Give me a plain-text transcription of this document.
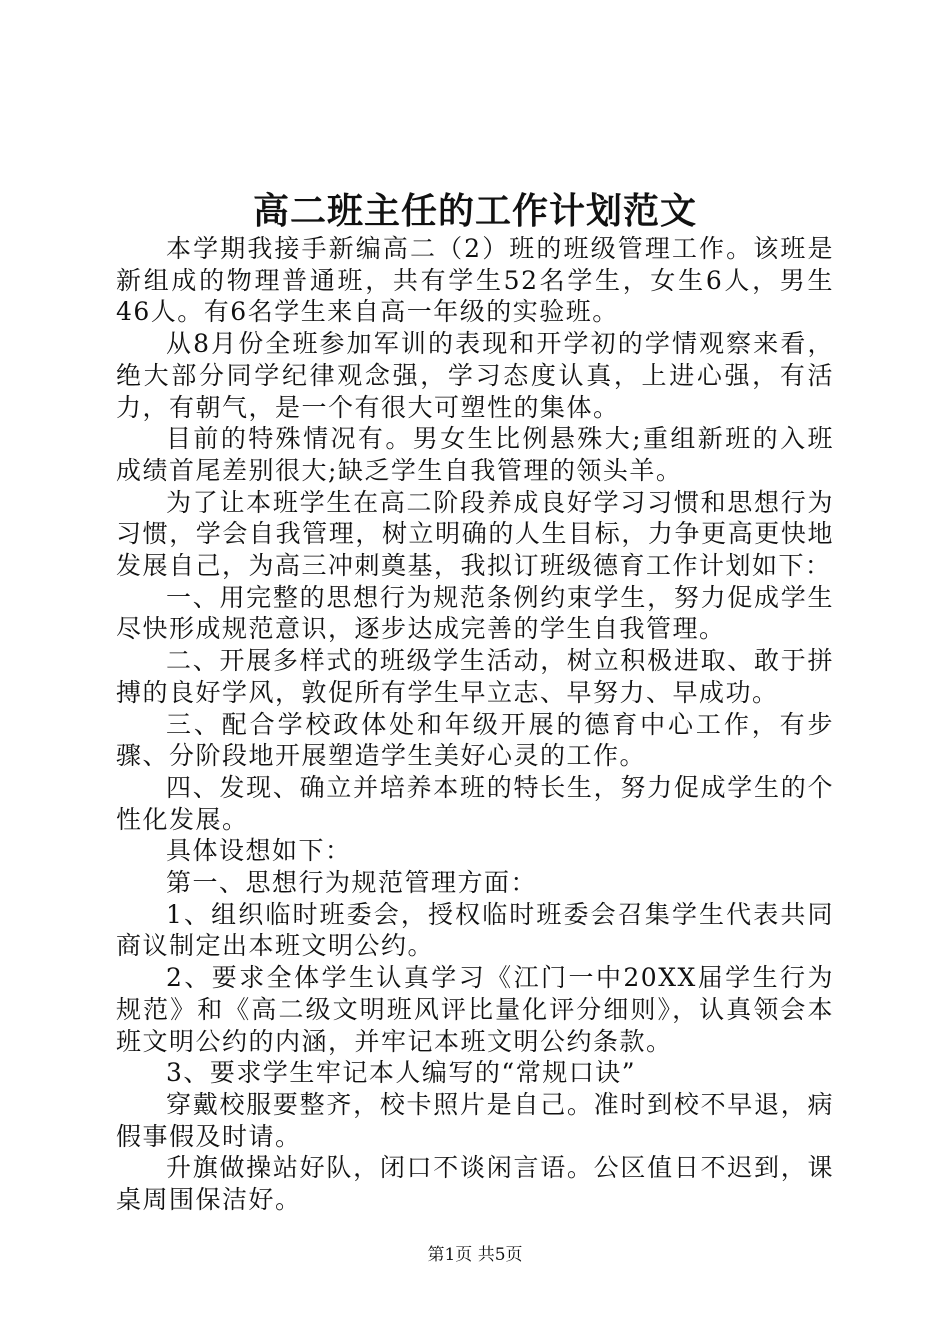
高二班主任的工作计划范文

本学期我接手新编高二（2）班的班级管理工作。该班是新组成的物理普通班，共有学生52名学生，女生6人，男生46人。有6名学生来自高一年级的实验班。

从8月份全班参加军训的表现和开学初的学情观察来看，绝大部分同学纪律观念强，学习态度认真，上进心强，有活力，有朝气，是一个有很大可塑性的集体。

目前的特殊情况有。男女生比例悬殊大;重组新班的入班成绩首尾差别很大;缺乏学生自我管理的领头羊。

为了让本班学生在高二阶段养成良好学习习惯和思想行为习惯，学会自我管理，树立明确的人生目标，力争更高更快地发展自己，为高三冲刺奠基，我拟订班级德育工作计划如下：

一、用完整的思想行为规范条例约束学生，努力促成学生尽快形成规范意识，逐步达成完善的学生自我管理。

二、开展多样式的班级学生活动，树立积极进取、敢于拼搏的良好学风，敦促所有学生早立志、早努力、早成功。

三、配合学校政体处和年级开展的德育中心工作，有步骤、分阶段地开展塑造学生美好心灵的工作。

四、发现、确立并培养本班的特长生，努力促成学生的个性化发展。

具体设想如下：

第一、思想行为规范管理方面：

1、组织临时班委会，授权临时班委会召集学生代表共同商议制定出本班文明公约。

2、要求全体学生认真学习《江门一中20XX届学生行为规范》和《高二级文明班风评比量化评分细则》，认真领会本班文明公约的内涵，并牢记本班文明公约条款。

3、要求学生牢记本人编写的“常规口诀”

穿戴校服要整齐，校卡照片是自己。准时到校不早退，病假事假及时请。

升旗做操站好队，闭口不谈闲言语。公区值日不迟到，课桌周围保洁好。

第1页 共5页
